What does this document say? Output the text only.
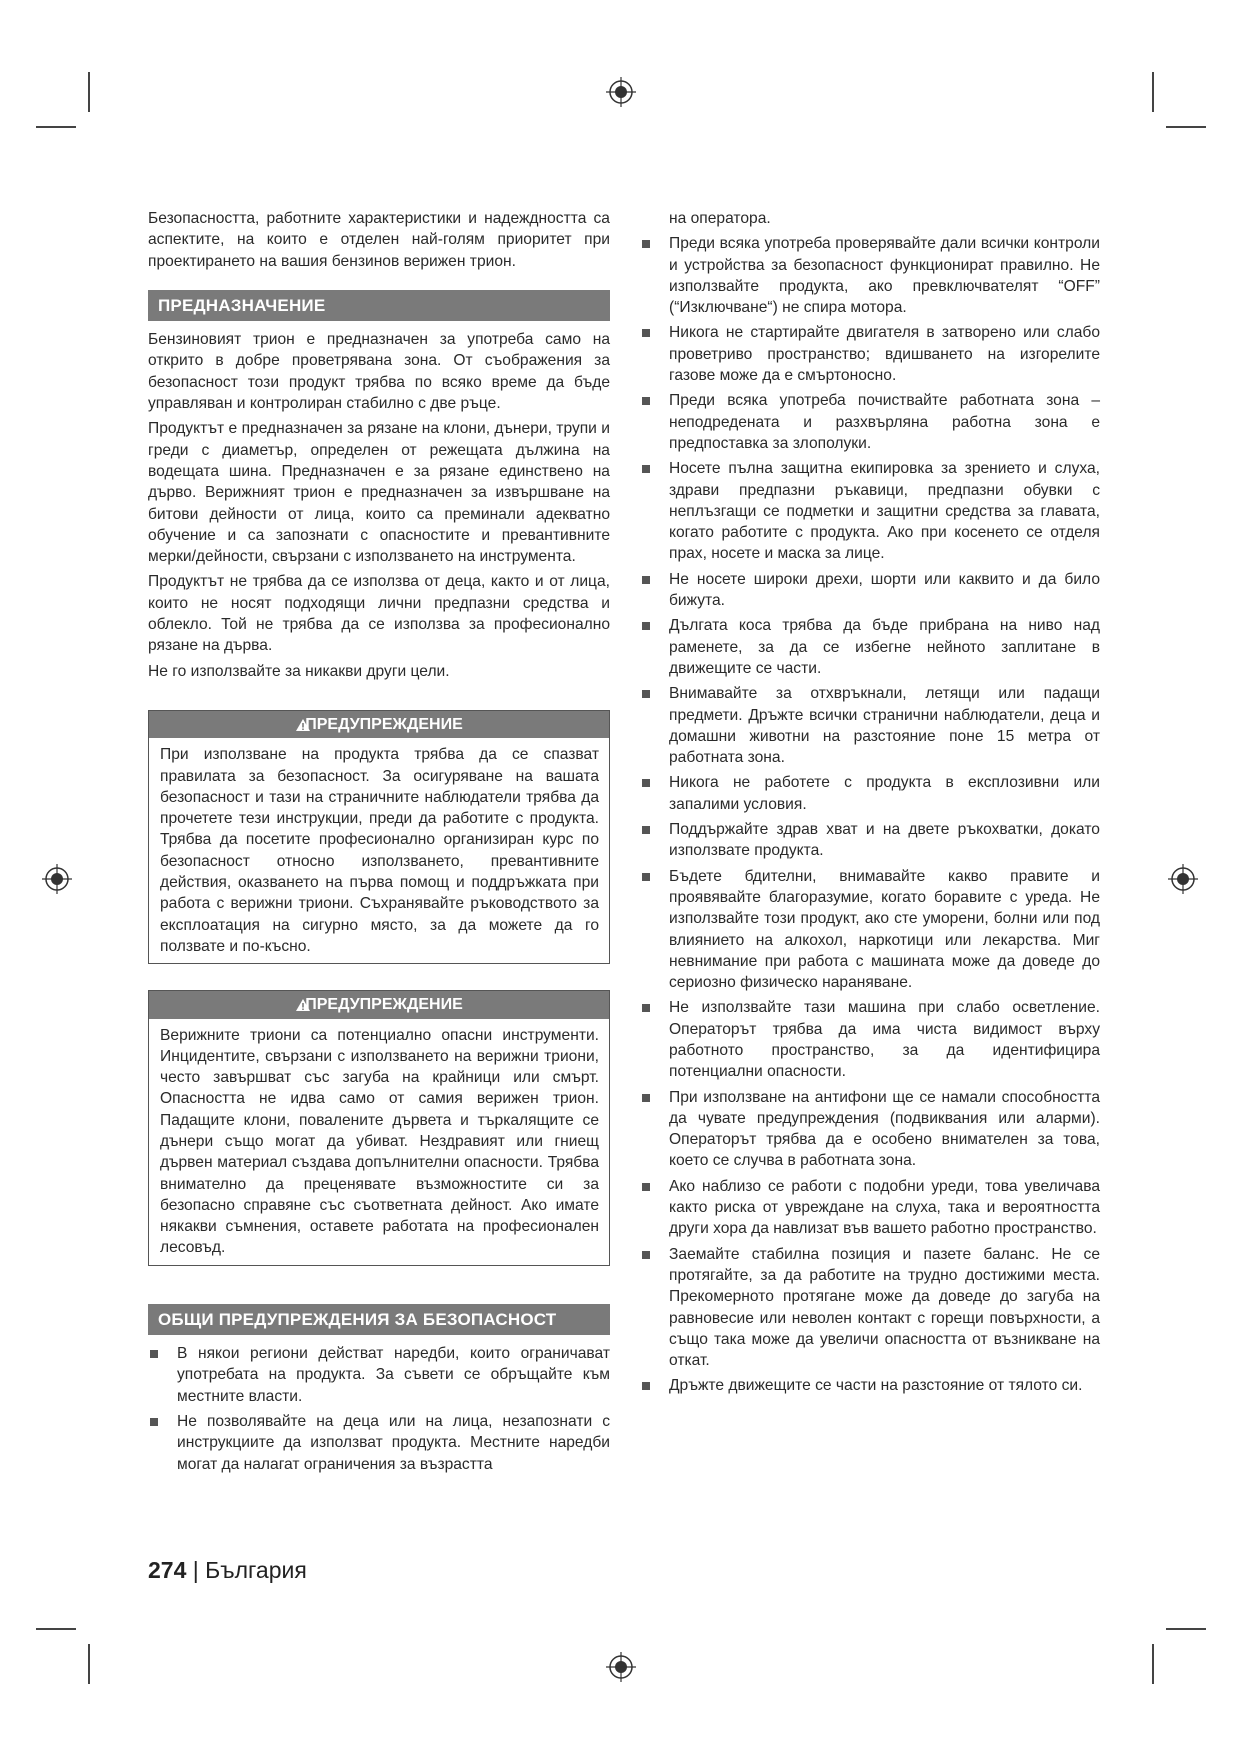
Безопасността, работните характеристики и надеждността са аспектите, на които е отделен най-голям приоритет при проектирането на вашия бензинов верижен трион.

ПРЕДНАЗНАЧЕНИЕ

Бензиновият трион е предназначен за употреба само на открито в добре проветрявана зона. От съображения за безопасност този продукт трябва по всяко време да бъде управляван и контролиран стабилно с две ръце.

Продуктът е предназначен за рязане на клони, дънери, трупи и греди с диаметър, определен от режещата дължина на водещата шина. Предназначен е за рязане единствено на дърво. Верижният трион е предназначен за извършване на битови дейности от лица, които са преминали адекватно обучение и са запознати с опасностите и превантивните мерки/дейности, свързани с използването на инструмента.

Продуктът не трябва да се използва от деца, както и от лица, които не носят подходящи лични предпазни средства и облекло. Той не трябва да се използва за професионално рязане на дърва.

Не го използвайте за никакви други цели.

ПРЕДУПРЕЖДЕНИЕ

При използване на продукта трябва да се спазват правилата за безопасност. За осигуряване на вашата безопасност и тази на страничните наблюдатели трябва да прочетете тези инструкции, преди да работите с продукта. Трябва да посетите професионално организиран курс по безопасност относно използването, превантивните действия, оказването на първа помощ и поддръжката при работа с верижни триони. Съхранявайте ръководството за експлоатация на сигурно място, за да можете да го ползвате и по-късно.

ПРЕДУПРЕЖДЕНИЕ

Верижните триони са потенциално опасни инструменти. Инцидентите, свързани с използването на верижни триони, често завършват със загуба на крайници или смърт. Опасността не идва само от самия верижен трион. Падащите клони, повалените дървета и търкалящите се дънери също могат да убиват. Нездравият или гниещ дървен материал създава допълнителни опасности. Трябва внимателно да преценявате възможностите си за безопасно справяне със съответната дейност. Ако имате някакви съмнения, оставете работата на професионален лесовъд.

ОБЩИ ПРЕДУПРЕЖДЕНИЯ ЗА БЕЗОПАСНОСТ
В някои региони действат наредби, които ограничават употребата на продукта. За съвети се обръщайте към местните власти.
Не позволявайте на деца или на лица, незапознати с инструкциите да използват продукта. Местните наредби могат да налагат ограничения за възрастта

на оператора.

Преди всяка употреба проверявайте дали всички контроли и устройства за безопасност функционират правилно. Не използвайте продукта, ако превключвателят “OFF” (“Изключване“) не спира мотора.
Никога не стартирайте двигателя в затворено или слабо проветриво пространство; вдишването на изгорелите газове може да е смъртоносно.
Преди всяка употреба почиствайте работната зона – неподредената и разхвърляна работна зона е предпоставка за злополуки.
Носете пълна защитна екипировка за зрението и слуха, здрави предпазни ръкавици, предпазни обувки с неплъзгащи се подметки и защитни средства за главата, когато работите с продукта. Ако при косенето се отделя прах, носете и маска за лице.
Не носете широки дрехи, шорти или каквито и да било бижута.
Дългата коса трябва да бъде прибрана на ниво над раменете, за да се избегне нейното заплитане в движещите се части.
Внимавайте за отхвръкнали, летящи или падащи предмети. Дръжте всички странични наблюдатели, деца и домашни животни на разстояние поне 15 метра от работната зона.
Никога не работете с продукта в експлозивни или запалими условия.
Поддържайте здрав хват и на двете ръкохватки, докато използвате продукта.
Бъдете бдителни, внимавайте какво правите и проявявайте благоразумие, когато боравите с уреда. Не използвайте този продукт, ако сте уморени, болни или под влиянието на алкохол, наркотици или лекарства. Миг невнимание при работа с машината може да доведе до сериозно физическо нараняване.
Не използвайте тази машина при слабо осветление. Операторът трябва да има чиста видимост върху работното пространство, за да идентифицира потенциални опасности.
При използване на антифони ще се намали способността да чувате предупреждения (подвиквания или аларми). Операторът трябва да е особено внимателен за това, което се случва в работната зона.
Ако наблизо се работи с подобни уреди, това увеличава както риска от увреждане на слуха, така и вероятността други хора да навлизат във вашето работно пространство.
Заемайте стабилна позиция и пазете баланс. Не се протягайте, за да работите на трудно достижими места. Прекомерното протягане може да доведе до загуба на равновесие или неволен контакт с горещи повърхности, а също така може да увеличи опасността от възникване на откат.
Дръжте движещите се части на разстояние от тялото си.
274 | България
